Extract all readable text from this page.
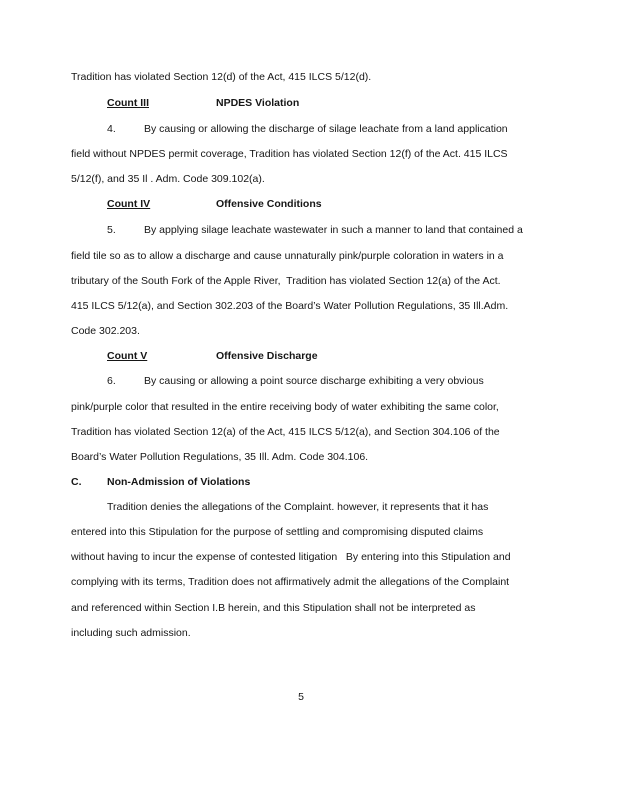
Tradition has violated Section 12(d) of the Act, 415 ILCS 5/12(d).
Count III	NPDES Violation
4.	By causing or allowing the discharge of silage leachate from a land application
field without NPDES permit coverage, Tradition has violated Section 12(f) of the Act. 415 ILCS
5/12(f), and 35 Il . Adm. Code 309.102(a).
Count IV	Offensive Conditions
5.	By applying silage leachate wastewater in such a manner to land that contained a
field tile so as to allow a discharge and cause unnaturally pink/purple coloration in waters in a
tributary of the South Fork of the Apple River,  Tradition has violated Section 12(a) of the Act.
415 ILCS 5/12(a), and Section 302.203 of the Board’s Water Pollution Regulations, 35 Ill.Adm.
Code 302.203.
Count V	Offensive Discharge
6.	By causing or allowing a point source discharge exhibiting a very obvious
pink/purple color that resulted in the entire receiving body of water exhibiting the same color,
Tradition has violated Section 12(a) of the Act, 415 ILCS 5/12(a), and Section 304.106 of the
Board’s Water Pollution Regulations, 35 Ill. Adm. Code 304.106.
C. Non-Admission of Violations
Tradition denies the allegations of the Complaint. however, it represents that it has
entered into this Stipulation for the purpose of settling and compromising disputed claims
without having to incur the expense of contested litigation   By entering into this Stipulation and
complying with its terms, Tradition does not affirmatively admit the allegations of the Complaint
and referenced within Section I.B herein, and this Stipulation shall not be interpreted as
including such admission.
5
